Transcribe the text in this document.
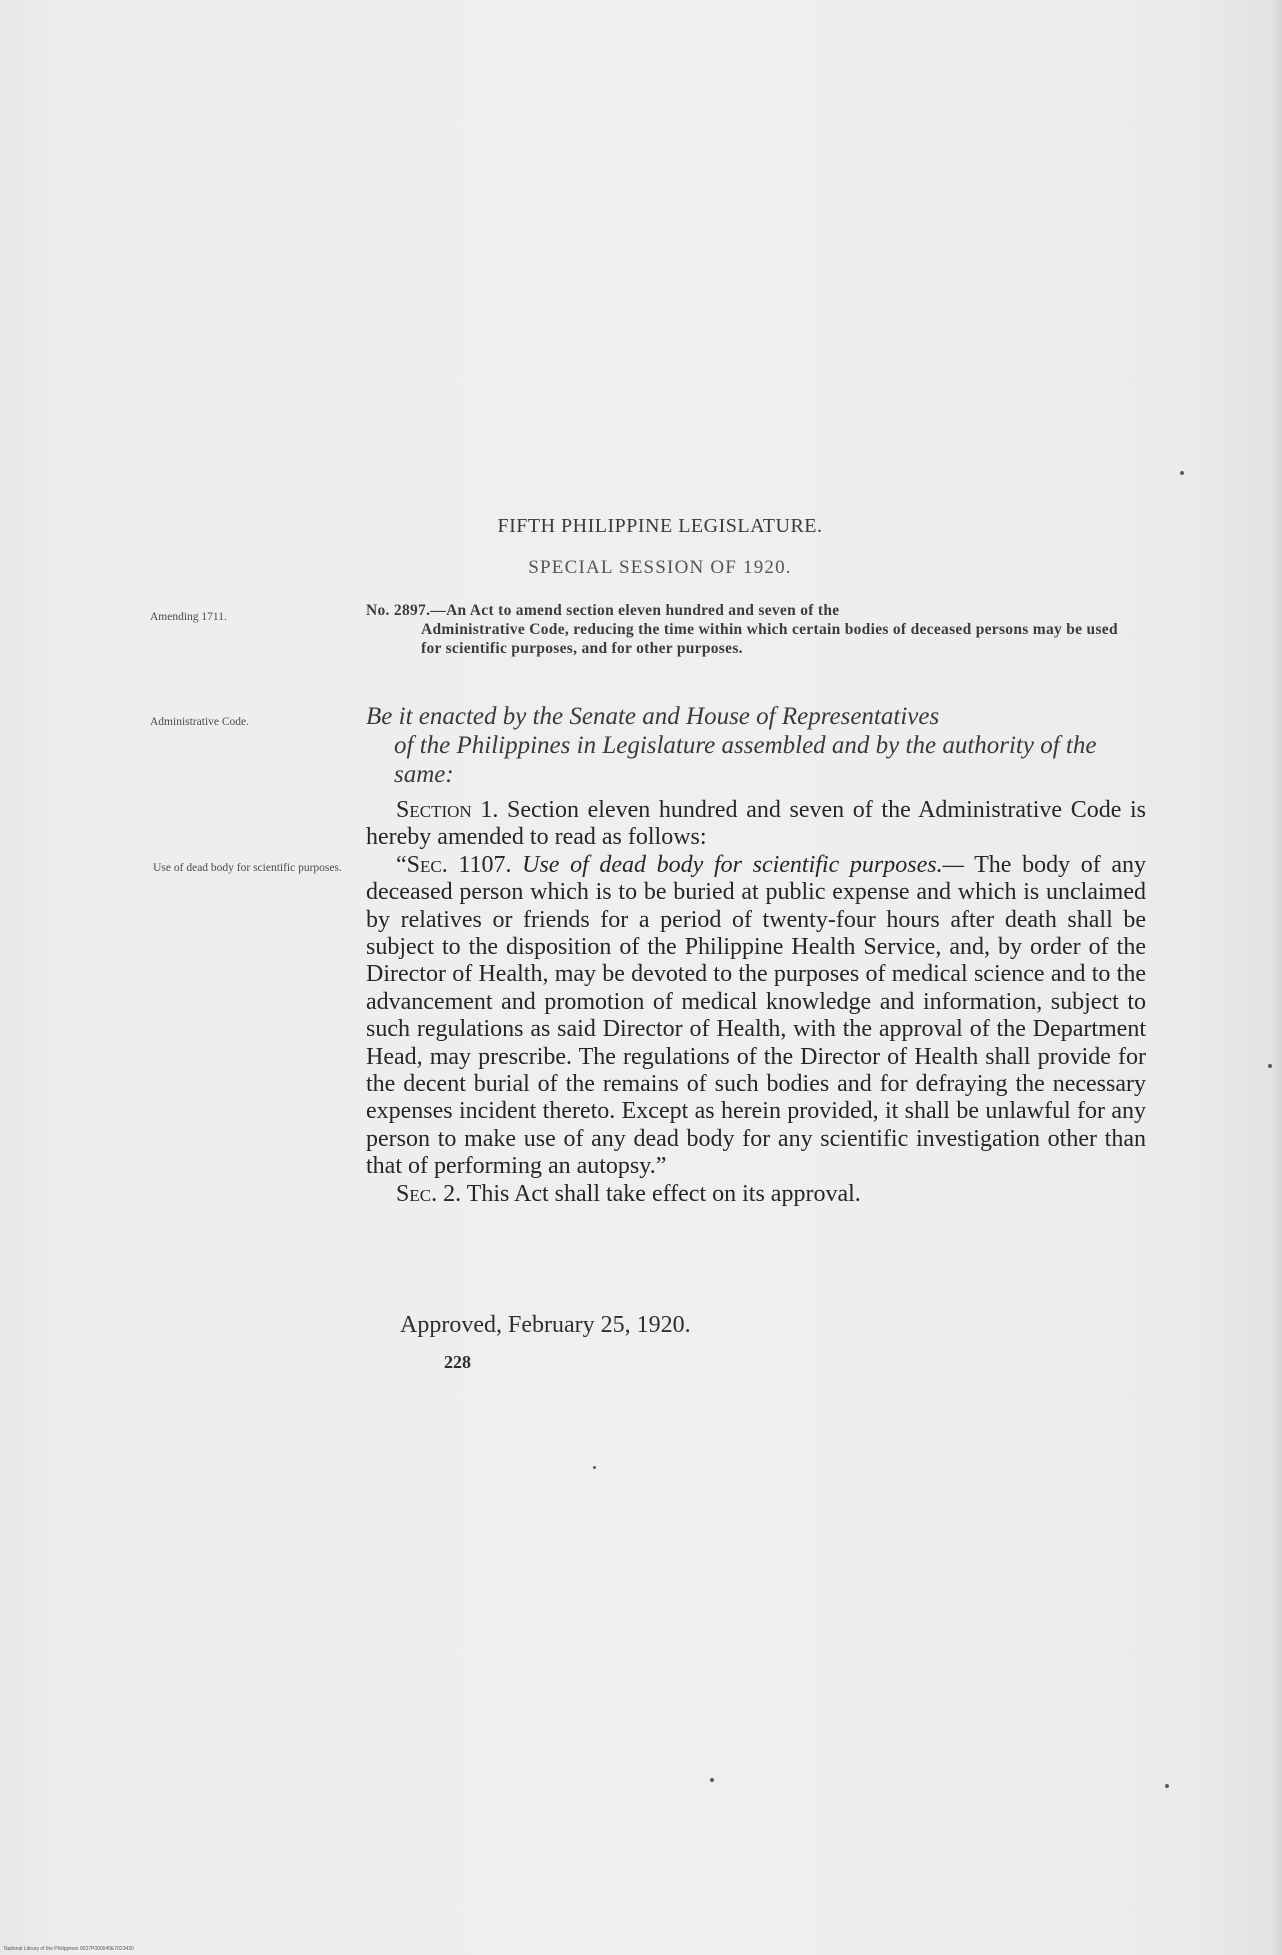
FIFTH PHILIPPINE LEGISLATURE.
SPECIAL SESSION OF 1920.
Amending 1711.
Administrative Code.
Use of dead body for scientific purposes.
No. 2897.—An Act to amend section eleven hundred and seven of the
Administrative Code, reducing the time within which certain bodies of deceased persons may be used for scientific purposes, and for other purposes.
Be it enacted by the Senate and House of Representatives
of the Philippines in Legislature assembled and by the authority of the same:

Section 1. Section eleven hundred and seven of the Administrative Code is hereby amended to read as follows:

“Sec. 1107. Use of dead body for scientific purposes.— The body of any deceased person which is to be buried at public expense and which is unclaimed by relatives or friends for a period of twenty-four hours after death shall be subject to the disposition of the Philippine Health Service, and, by order of the Director of Health, may be devoted to the purposes of medical science and to the advancement and promotion of medical knowledge and information, subject to such regulations as said Director of Health, with the approval of the Department Head, may prescribe. The regulations of the Director of Health shall provide for the decent burial of the remains of such bodies and for defraying the necessary expenses incident thereto. Except as herein provided, it shall be unlawful for any person to make use of any dead body for any scientific investigation other than that of performing an autopsy.”

Sec. 2. This Act shall take effect on its approval.

Approved, February 25, 1920.
228
National Library of the Philippines 0027P000045E7023430
